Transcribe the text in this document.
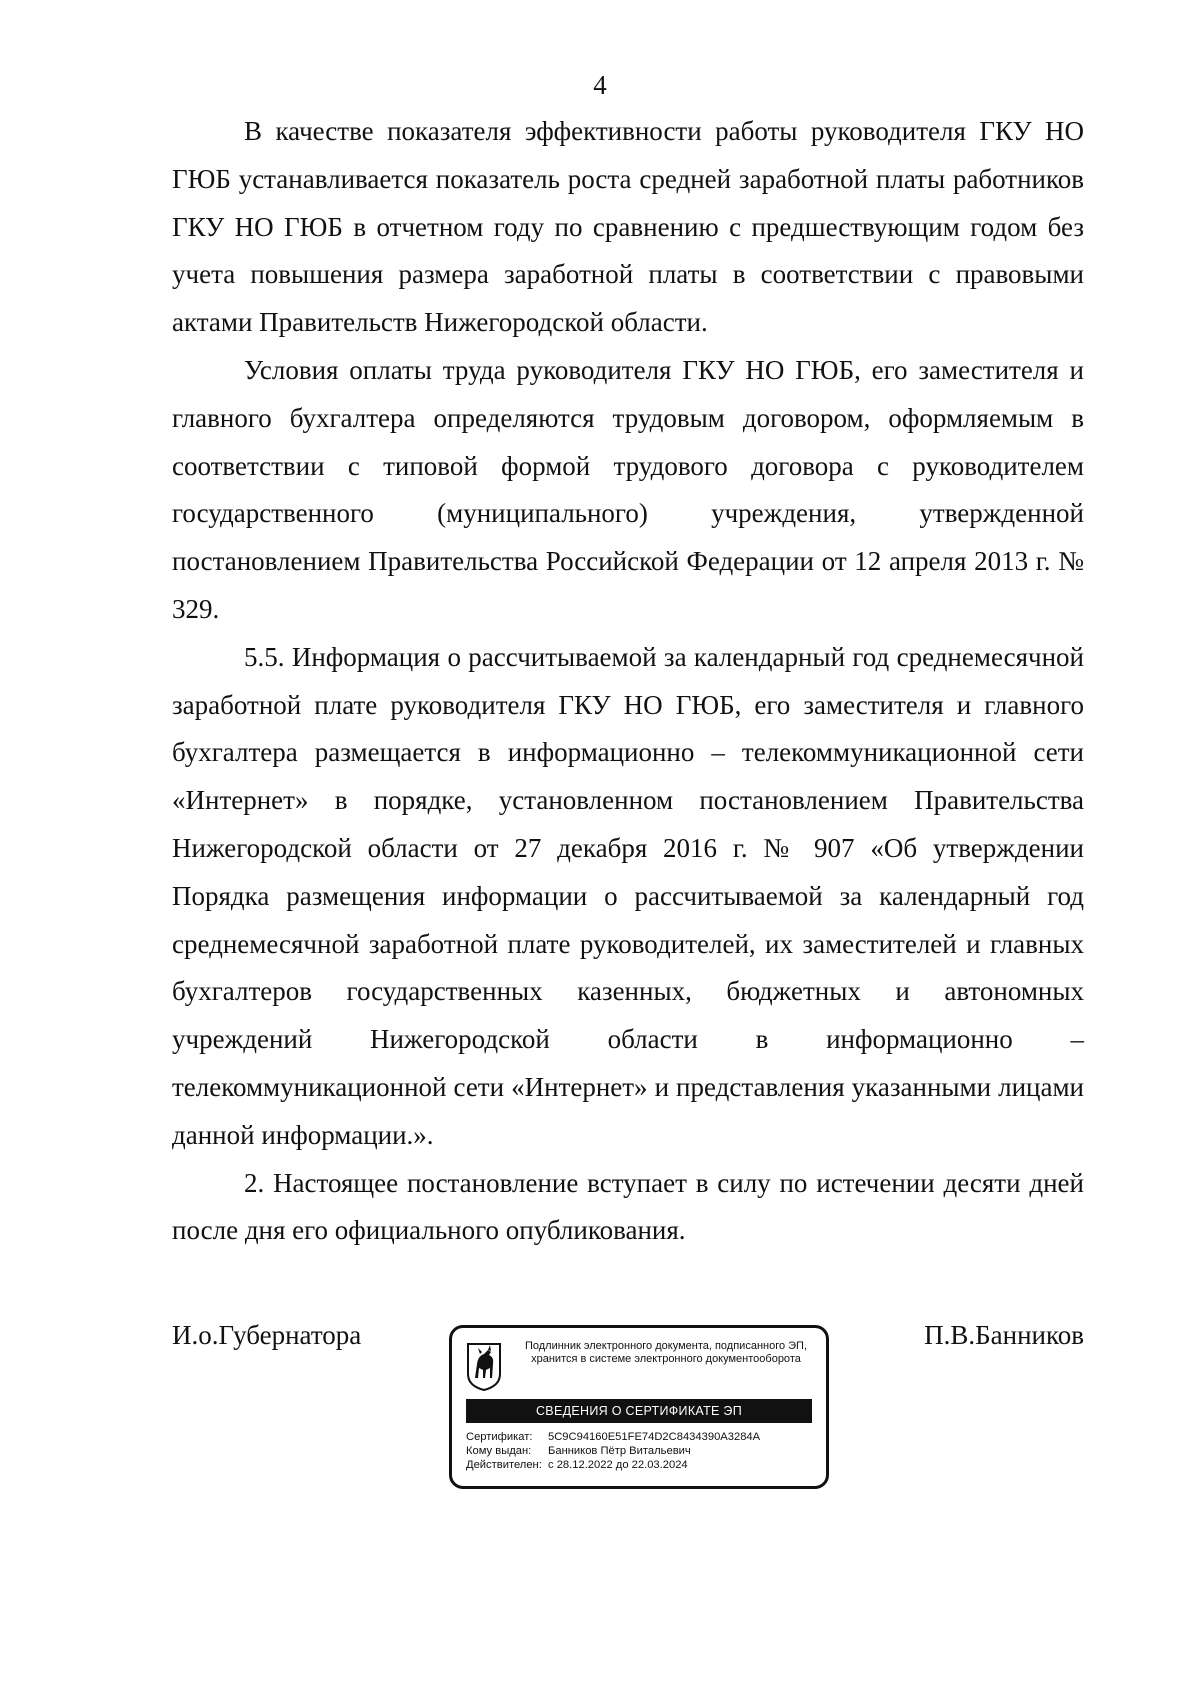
4

В качестве показателя эффективности работы руководителя ГКУ НО ГЮБ устанавливается показатель роста средней заработной платы работников ГКУ НО ГЮБ в отчетном году по сравнению с предшествующим годом без учета повышения размера заработной платы в соответствии с правовыми актами Правительств Нижегородской области.

Условия оплаты труда руководителя ГКУ НО ГЮБ, его заместителя и главного бухгалтера определяются трудовым договором, оформляемым в соответствии с типовой формой трудового договора с руководителем государственного (муниципального) учреждения, утвержденной постановлением Правительства Российской Федерации от 12 апреля 2013 г. № 329.

5.5. Информация о рассчитываемой за календарный год среднемесячной заработной плате руководителя ГКУ НО ГЮБ, его заместителя и главного бухгалтера размещается в информационно – телекоммуникационной сети «Интернет» в порядке, установленном постановлением Правительства Нижегородской области от 27 декабря 2016 г. № 907 «Об утверждении Порядка размещения информации о рассчитываемой за календарный год среднемесячной заработной плате руководителей, их заместителей и главных бухгалтеров государственных казенных, бюджетных и автономных учреждений Нижегородской области в информационно – телекоммуникационной сети «Интернет» и представления указанными лицами данной информации.».

2. Настоящее постановление вступает в силу по истечении десяти дней после дня его официального опубликования.

И.о.Губернатора	П.В.Банников
Подлинник электронного документа, подписанного ЭП,
хранится в системе электронного документооборота
СВЕДЕНИЯ О СЕРТИФИКАТЕ ЭП
Сертификат: 5C9C94160E51FE74D2C8434390A3284A
Кому выдан: Банников Пётр Витальевич
Действителен: с 28.12.2022 до 22.03.2024
